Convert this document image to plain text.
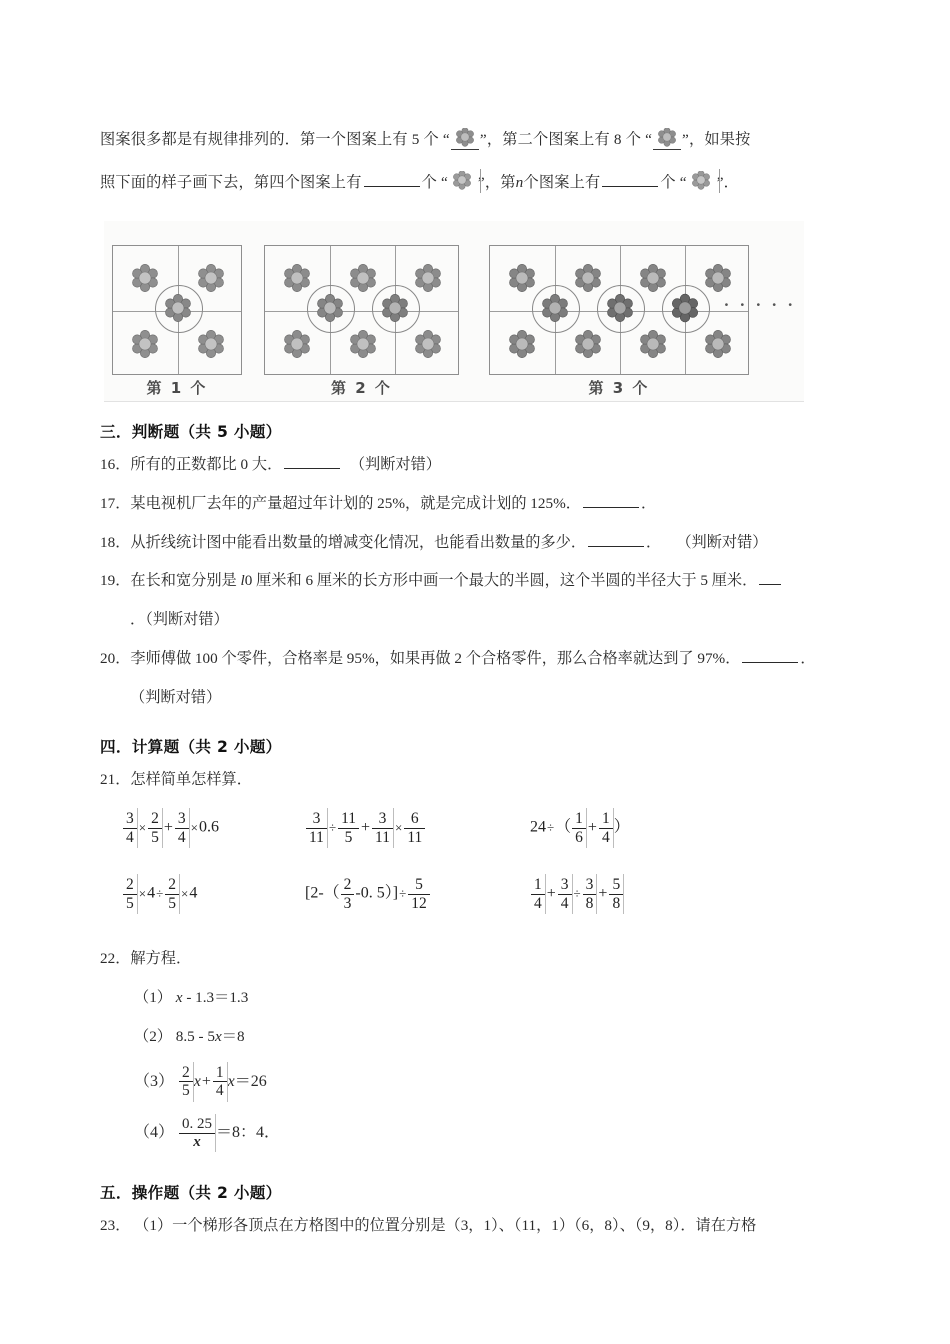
图案很多都是有规律排列的．第一个图案上有 5 个 “ ”，第二个图案上有 8 个 “ ”，如果按
照下面的样子画下去，第四个图案上有	个 “ ”，第n个图案上有	个 “ ”．
第 1 个	第 2 个	第 3 个
· · · · ·
三．判断题（共 5 小题）
16．所有的正数都比 0 大．	（判断对错）
17．某电视机厂去年的产量超过年计划的 25%，就是完成计划的 125%．	．
18．从折线统计图中能看出数量的增减变化情况，也能看出数量的多少．	．　　（判断对错）
19．在长和宽分别是 l0 厘米和 6 厘米的长方形中画一个最大的半圆，这个半圆的半径大于 5 厘米．．（判断对错）
20．李师傅做 100 个零件，合格率是 95%，如果再做 2 个合格零件，那么合格率就达到了 97%．	．
（判断对错）
四．计算题（共 2 小题）
21．怎样简单怎样算．
$\frac{3}{4} \times \frac{2}{5} + \frac{3}{4} \times 0.6$	$\frac{3}{11} \div \frac{11}{5} + \frac{3}{11} \times \frac{6}{11}$	$24\div( \frac{1}{6} + \frac{1}{4}$ ）
$\frac{2}{5} \times 4\div \frac{2}{5} \times 4$	[$2-( \frac{2}{3} -0$. $5)]\div \frac{5}{12}$	$\frac{1}{4} + \frac{3}{4} \div \frac{3}{8} + \frac{5}{8}$
22．解方程．
（1） x - 1.3＝1.3
（2） 8.5 - 5x＝8
$(3) \frac{2}{5} x+ \frac{1}{4} x=26$
$(4) \frac{0. 25}{x} =8$：4．
五．操作题（共 2 小题）
23． （1）一个梯形各顶点在方格图中的位置分别是（3，1）、（11，1）（6，8）、（9，8）．请在方格
